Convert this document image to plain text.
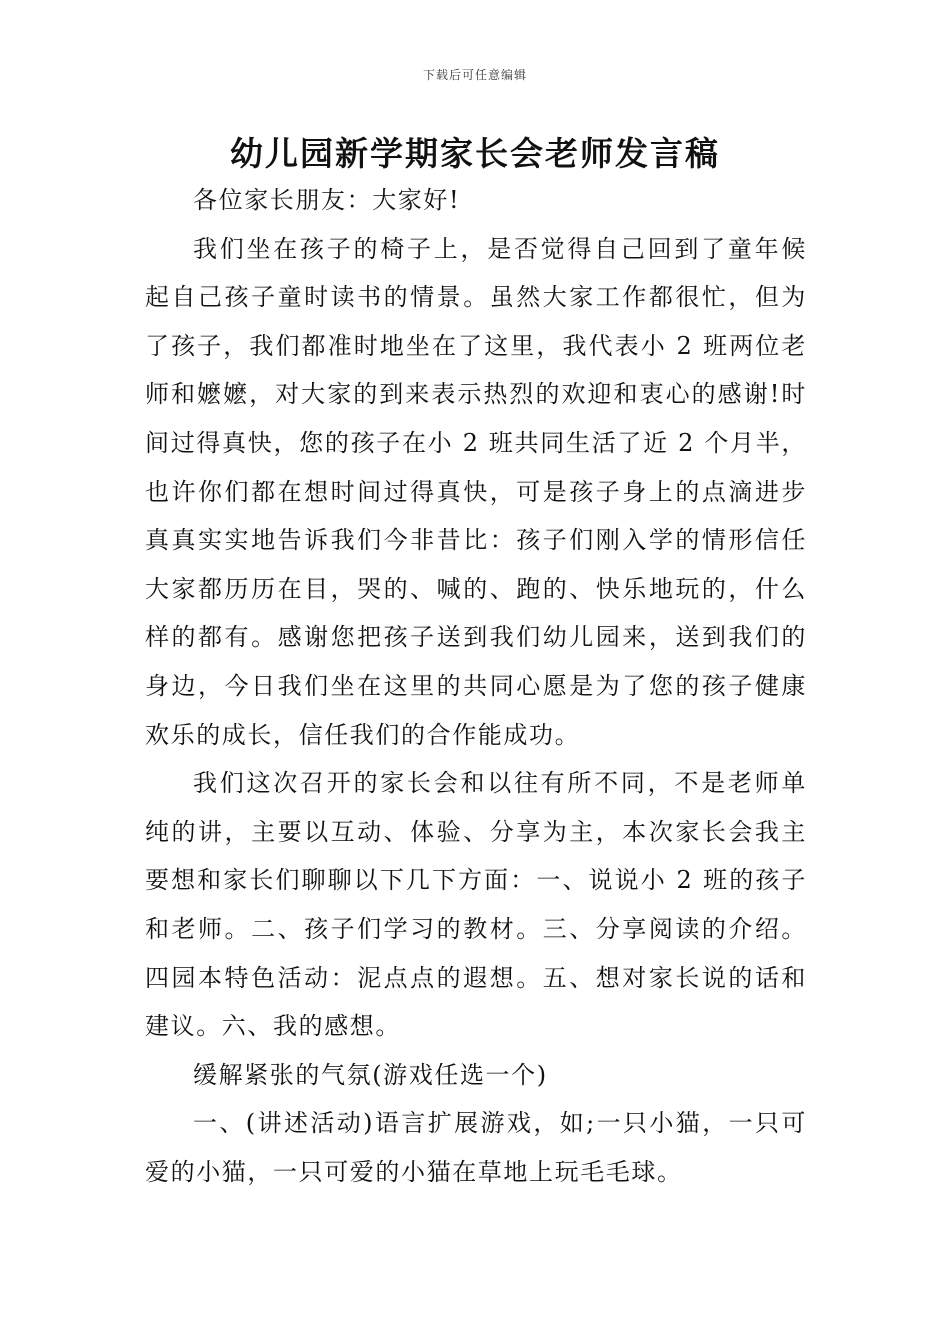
下载后可任意编辑
幼儿园新学期家长会老师发言稿

各位家长朋友：大家好!

我们坐在孩子的椅子上，是否觉得自己回到了童年候起自己孩子童时读书的情景。虽然大家工作都很忙，但为了孩子，我们都准时地坐在了这里，我代表小 2 班两位老师和嬷嬷，对大家的到来表示热烈的欢迎和衷心的感谢!时间过得真快，您的孩子在小 2 班共同生活了近 2 个月半，也许你们都在想时间过得真快，可是孩子身上的点滴进步真真实实地告诉我们今非昔比：孩子们刚入学的情形信任大家都历历在目，哭的、喊的、跑的、快乐地玩的，什么样的都有。感谢您把孩子送到我们幼儿园来，送到我们的身边，今日我们坐在这里的共同心愿是为了您的孩子健康欢乐的成长，信任我们的合作能成功。

我们这次召开的家长会和以往有所不同，不是老师单纯的讲，主要以互动、体验、分享为主，本次家长会我主要想和家长们聊聊以下几下方面：一、说说小 2 班的孩子和老师。二、孩子们学习的教材。三、分享阅读的介绍。四园本特色活动：泥点点的遐想。五、想对家长说的话和建议。六、我的感想。

缓解紧张的气氛(游戏任选一个)

一、(讲述活动)语言扩展游戏，如;一只小猫，一只可爱的小猫，一只可爱的小猫在草地上玩毛毛球。
